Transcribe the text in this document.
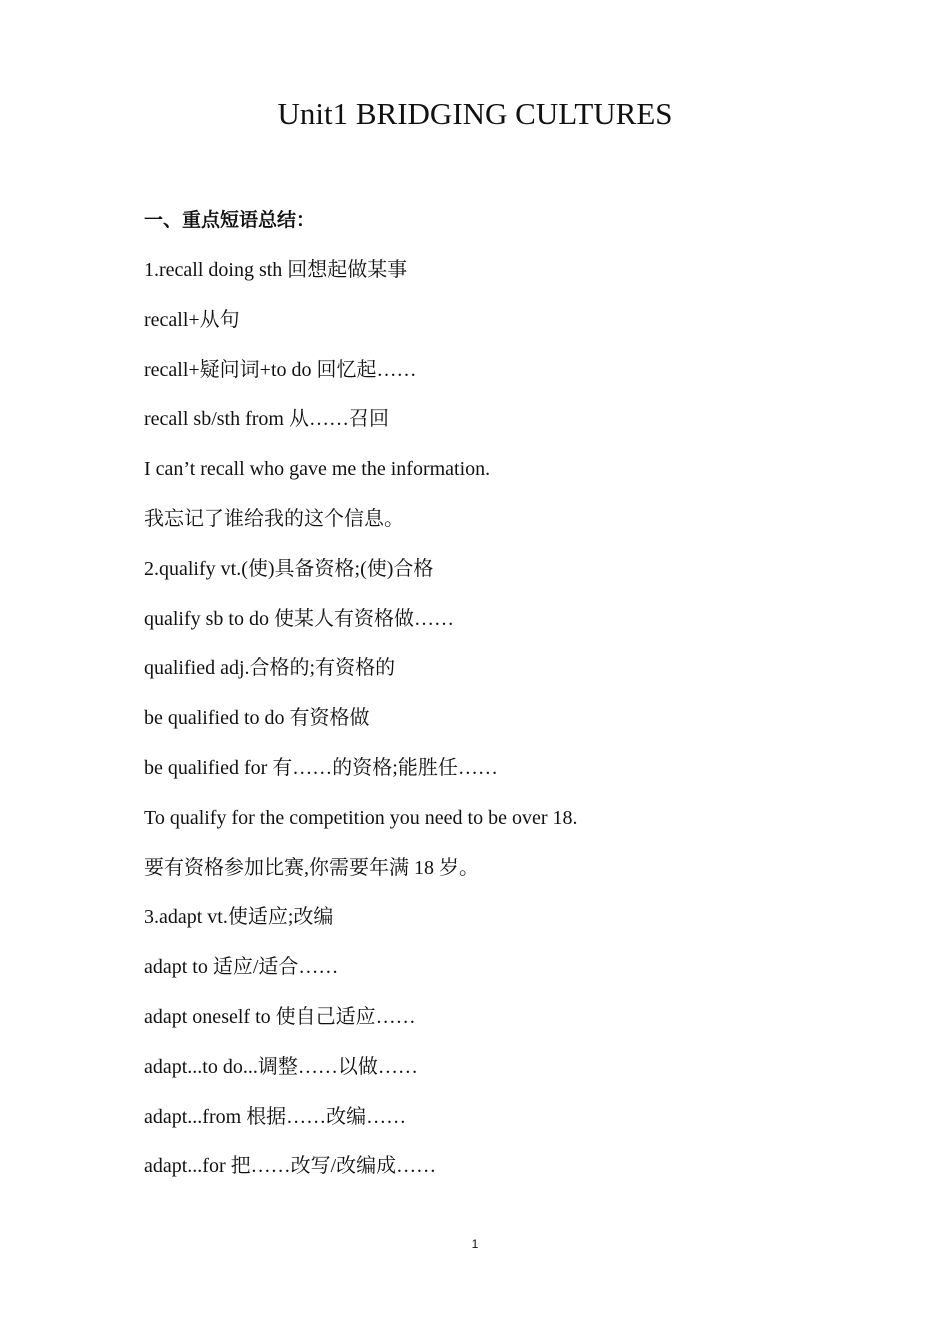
Unit1 BRIDGING CULTURES
一、重点短语总结：
1.recall doing sth 回想起做某事
recall+从句
recall+疑问词+to do 回忆起……
recall sb/sth from 从……召回
I can’t recall who gave me the information.
我忘记了谁给我的这个信息。
2.qualify vt.(使)具备资格;(使)合格
qualify sb to do 使某人有资格做……
qualified adj.合格的;有资格的
be qualified to do 有资格做
be qualified for 有……的资格;能胜任……
To qualify for the competition you need to be over 18.
要有资格参加比赛,你需要年满 18 岁。
3.adapt vt.使适应;改编
adapt to 适应/适合……
adapt oneself to 使自己适应……
adapt...to do...调整……以做……
adapt...from 根据……改编……
adapt...for 把……改写/改编成……
1
